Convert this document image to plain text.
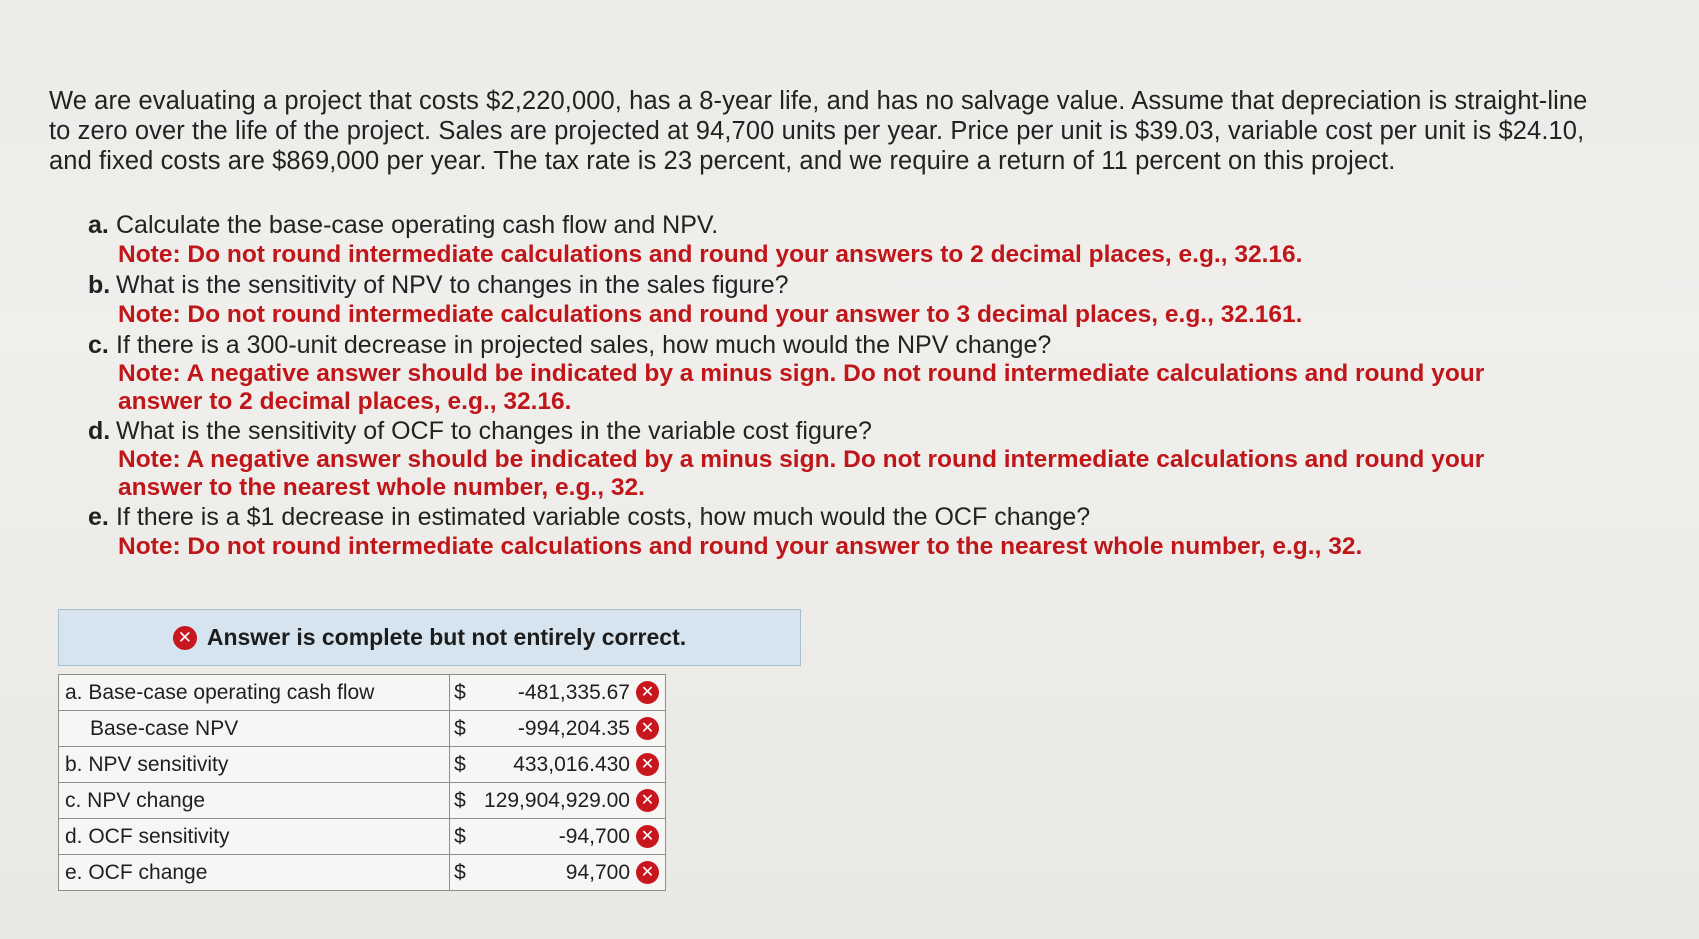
We are evaluating a project that costs $2,220,000, has a 8-year life, and has no salvage value. Assume that depreciation is straight-line to zero over the life of the project. Sales are projected at 94,700 units per year. Price per unit is $39.03, variable cost per unit is $24.10, and fixed costs are $869,000 per year. The tax rate is 23 percent, and we require a return of 11 percent on this project.
a. Calculate the base-case operating cash flow and NPV.
Note: Do not round intermediate calculations and round your answers to 2 decimal places, e.g., 32.16.
b. What is the sensitivity of NPV to changes in the sales figure?
Note: Do not round intermediate calculations and round your answer to 3 decimal places, e.g., 32.161.
c. If there is a 300-unit decrease in projected sales, how much would the NPV change?
Note: A negative answer should be indicated by a minus sign. Do not round intermediate calculations and round your answer to 2 decimal places, e.g., 32.16.
d. What is the sensitivity of OCF to changes in the variable cost figure?
Note: A negative answer should be indicated by a minus sign. Do not round intermediate calculations and round your answer to the nearest whole number, e.g., 32.
e. If there is a $1 decrease in estimated variable costs, how much would the OCF change?
Note: Do not round intermediate calculations and round your answer to the nearest whole number, e.g., 32.
✕ Answer is complete but not entirely correct.
a. Base-case operating cash flow	$ -481,335.67 ✕

Base-case NPV	$ -994,204.35 ✕

b. NPV sensitivity	$ 433,016.430 ✕

c. NPV change	$ 129,904,929.00 ✕

d. OCF sensitivity	$ -94,700 ✕

e. OCF change	$ 94,700 ✕
